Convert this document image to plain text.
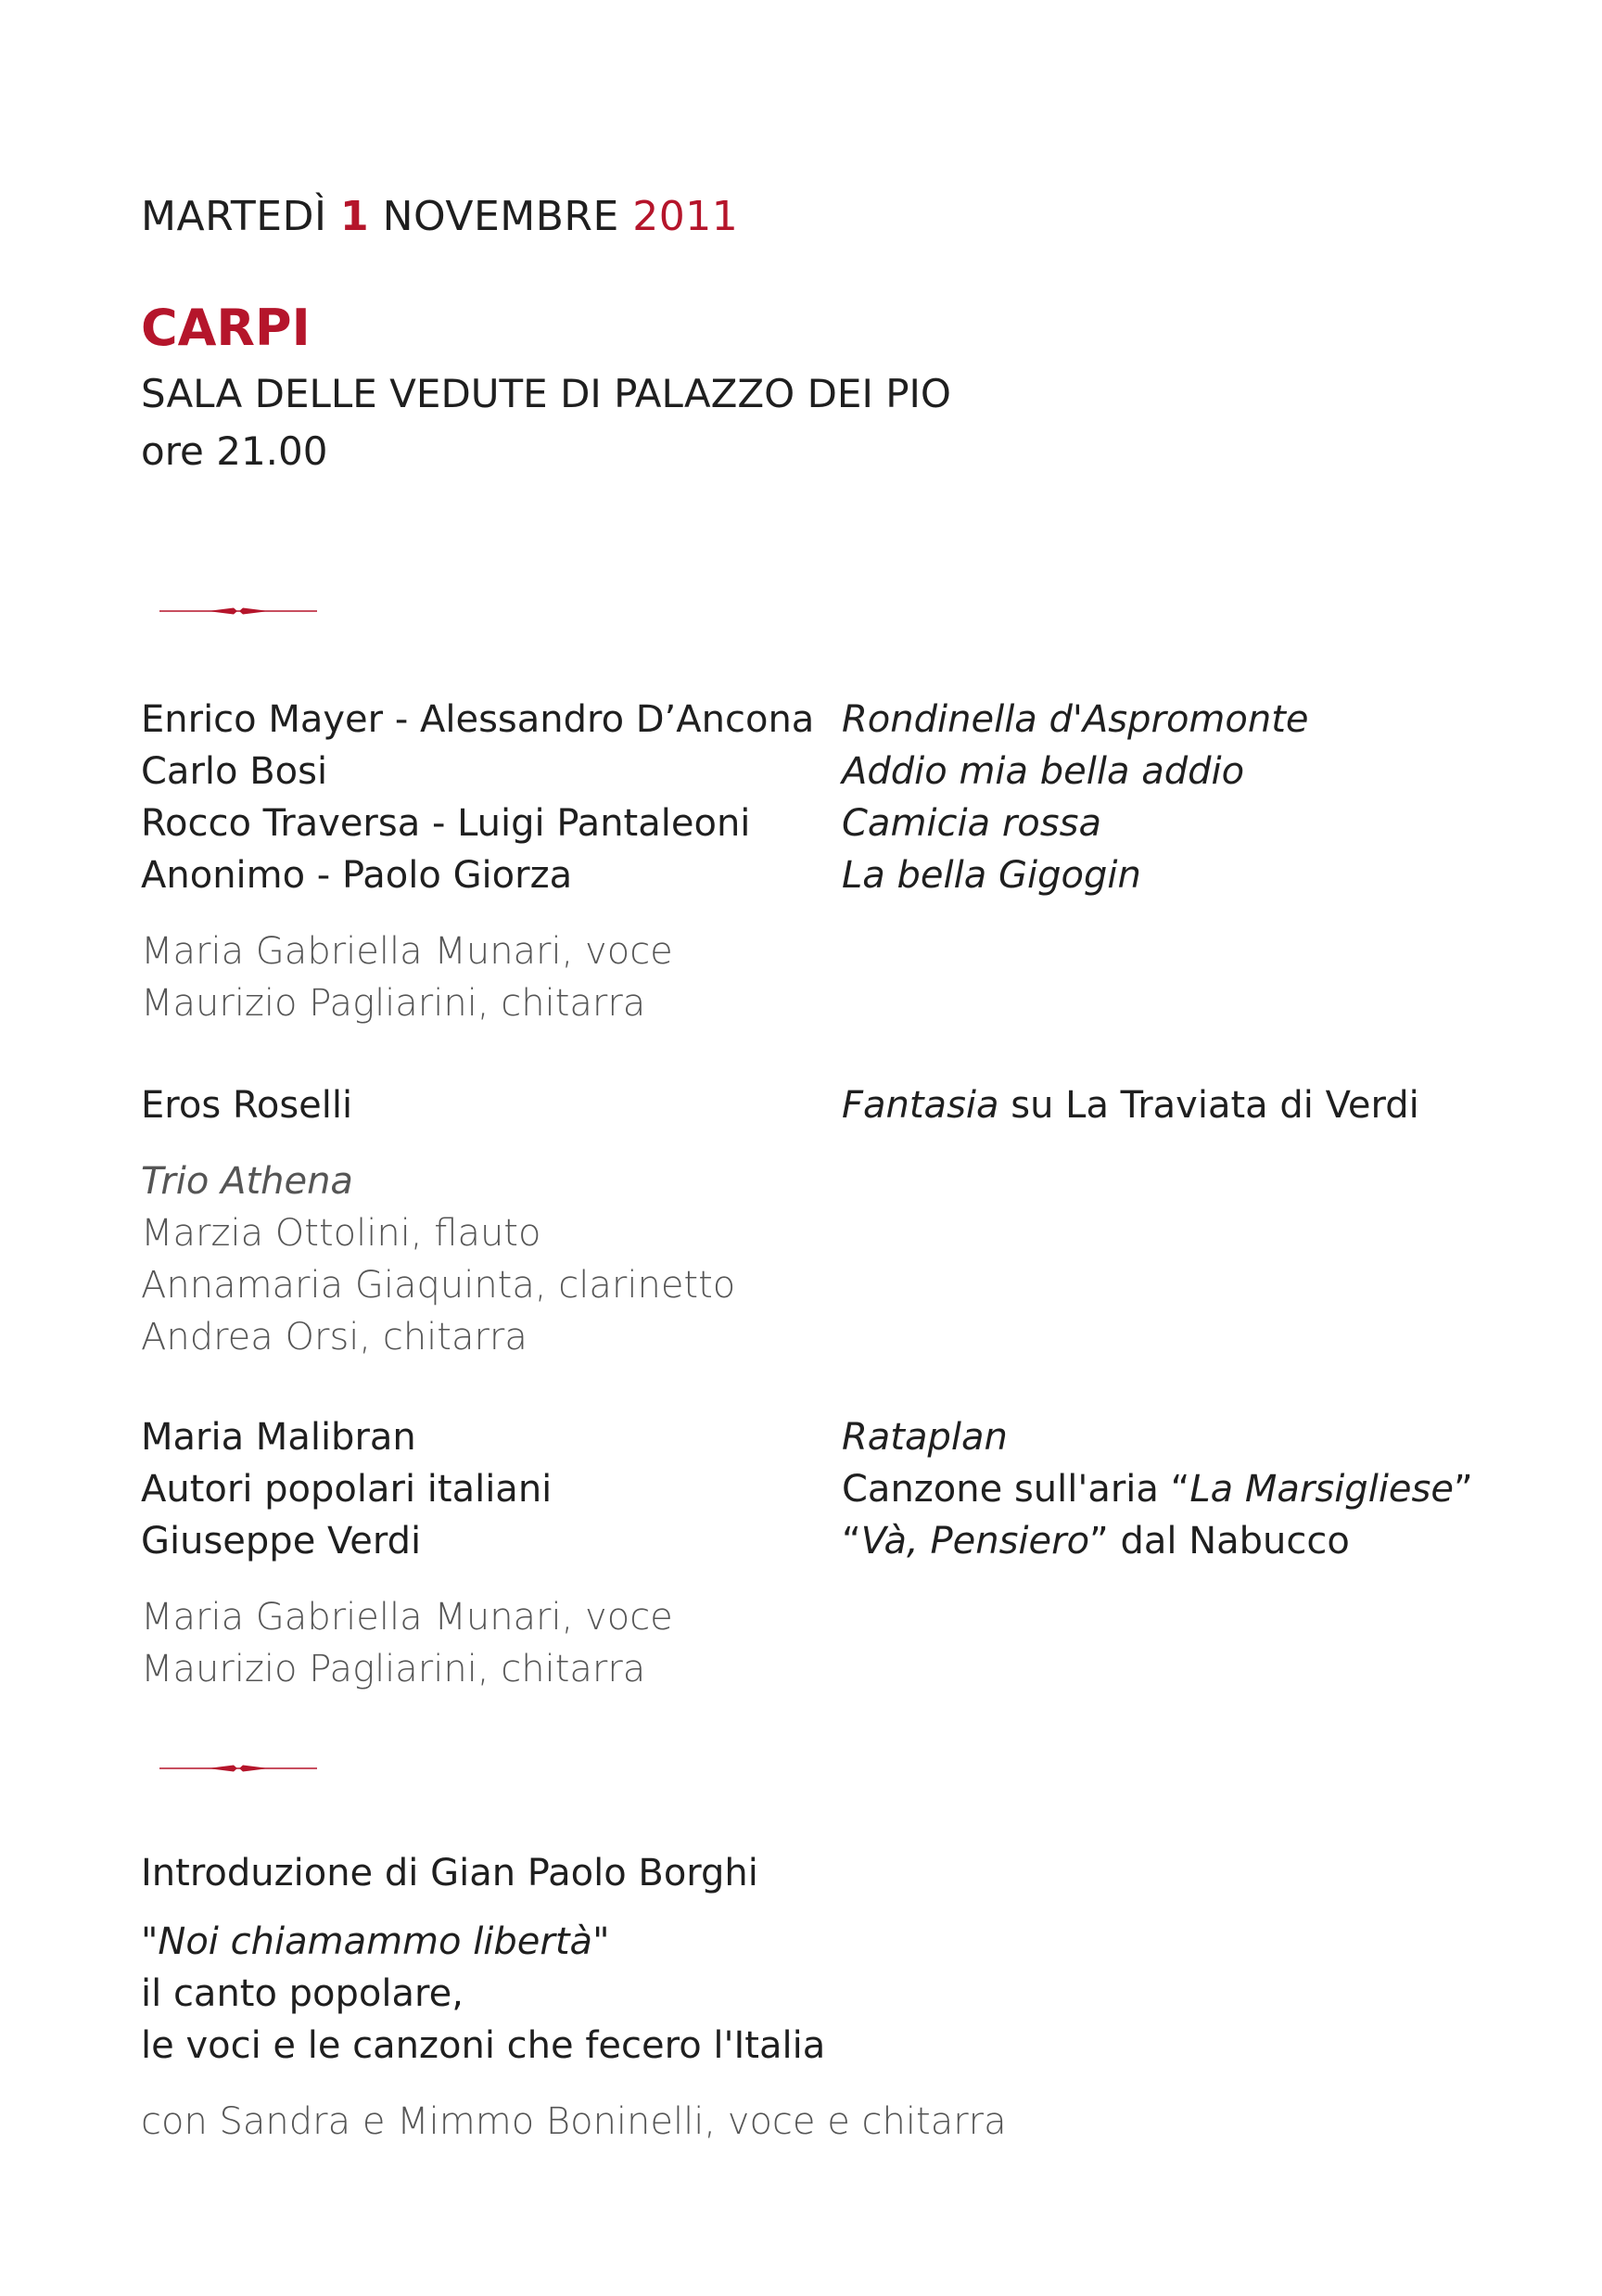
MARTEDÌ 1 NOVEMBRE 2011
CARPI
SALA DELLE VEDUTE DI PALAZZO DEI PIO
ore 21.00
Enrico Mayer - Alessandro D’Ancona
Carlo Bosi
Rocco Traversa - Luigi Pantaleoni
Anonimo - Paolo Giorza
Rondinella d'Aspromonte
Addio mia bella addio
Camicia rossa
La bella Gigogin
Maria Gabriella Munari, voce
Maurizio Pagliarini, chitarra
Eros Roselli	Fantasia su La Traviata di Verdi
Trio Athena
Marzia Ottolini, flauto
Annamaria Giaquinta, clarinetto
Andrea Orsi, chitarra
Maria Malibran
Autori popolari italiani
Giuseppe Verdi
Rataplan
Canzone sull'aria “La Marsigliese”
“Và, Pensiero” dal Nabucco
Maria Gabriella Munari, voce
Maurizio Pagliarini, chitarra
Introduzione di Gian Paolo Borghi
"Noi chiamammo libertà"
il canto popolare,
le voci e le canzoni che fecero l'Italia
con Sandra e Mimmo Boninelli, voce e chitarra
